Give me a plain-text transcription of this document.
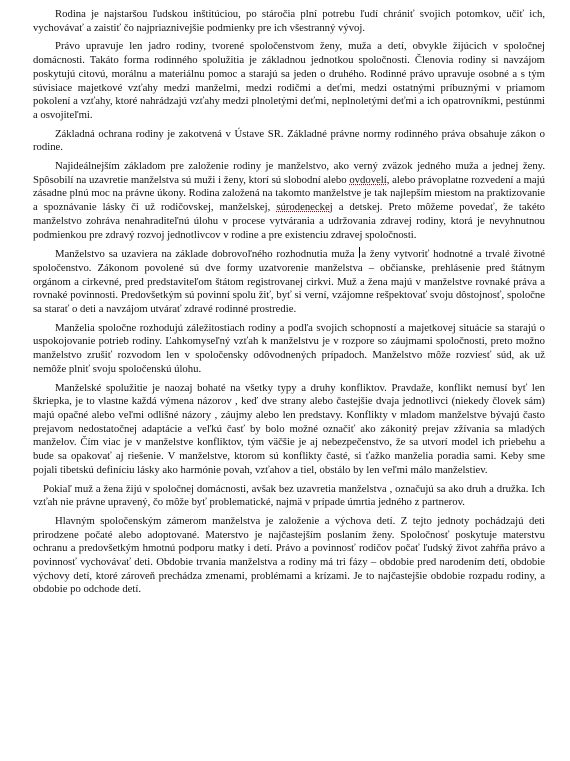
Rodina je najstaršou ľudskou inštitúciou, po stáročia plní potrebu ľudí chrániť svojich potomkov, učiť ich, vychovávať a zaistiť čo najpriaznivejšie podmienky pre ich všestranný vývoj.

Právo upravuje len jadro rodiny, tvorené spoločenstvom ženy, muža a detí, obvykle žijúcich v spoločnej domácnosti. Takáto forma rodinného spolužitia je základnou jednotkou spoločnosti. Členovia rodiny si navzájom poskytujú citovú, morálnu a materiálnu pomoc a starajú sa jeden o druhého. Rodinné právo upravuje osobné a s tým súvisiace majetkové vzťahy medzi manželmi, medzi rodičmi a deťmi, medzi ostatnými príbuznými v priamom pokolení a vzťahy, ktoré nahrádzajú vzťahy medzi plnoletými deťmi, neplnoletými deťmi a ich opatrovníkmi, pestúnmi a osvojiteľmi.

Základná ochrana rodiny je zakotvená v Ústave SR. Základné právne normy rodinného práva obsahuje zákon o rodine.

Najideálnejším základom pre založenie rodiny je manželstvo, ako verný zväzok jedného muža a jednej ženy. Spôsobilí na uzavretie manželstva sú muži i ženy, ktorí sú slobodní alebo ovdovelí, alebo právoplatne rozvedení a majú zásadne plnú moc na právne úkony. Rodina založená na takomto manželstve je tak najlepším miestom na praktizovanie a spoznávanie lásky či už rodičovskej, manželskej, súrodeneckej a detskej. Preto môžeme povedať, že takéto manželstvo zohráva nenahraditeľnú úlohu v procese vytvárania a udržovania zdravej rodiny, ktorá je nevyhnutnou podmienkou pre zdravý rozvoj jednotlivcov v rodine a pre existenciu zdravej spoločnosti.

Manželstvo sa uzaviera na základe dobrovoľného rozhodnutia muža a ženy vytvoriť hodnotné a trvalé životné spoločenstvo. Zákonom povolené sú dve formy uzatvorenie manželstva – občianske, prehlásenie pred štátnym orgánom a cirkevné, pred predstaviteľom štátom registrovanej cirkvi. Muž a žena majú v manželstve rovnaké práva a rovnaké povinnosti. Predovšetkým sú povinní spolu žiť, byť si verní, vzájomne rešpektovať svoju dôstojnosť, spoločne sa starať o deti a navzájom utvárať zdravé rodinné prostredie.

Manželia spoločne rozhodujú záležitostiach rodiny a podľa svojich schopností a majetkovej situácie sa starajú o uspokojovanie potrieb rodiny. Ľahkomyseľný vzťah k manželstvu je v rozpore so záujmami spoločnosti, preto možno manželstvo zrušiť rozvodom len v spoločensky odôvodnených prípadoch. Manželstvo môže rozviesť súd, ak už nemôže plniť svoju spoločenskú úlohu.

Manželské spolužitie je naozaj bohaté na všetky typy a druhy konfliktov. Pravdaže, konflikt nemusí byť len škriepka, je to vlastne každá výmena názorov , keď dve strany alebo častejšie dvaja jednotlivci (niekedy človek sám) majú opačné alebo veľmi odlišné názory , záujmy alebo len predstavy. Konflikty v mladom manželstve bývajú často prejavom nedostatočnej adaptácie a veľkú časť by bolo možné označiť ako zákonitý prejav zžívania sa mladých manželov. Čím viac je v manželstve konfliktov, tým väčšie je aj nebezpečenstvo, že sa utvorí model ich priebehu a bude sa opakovať aj riešenie. V manželstve, ktorom sú konflikty časté, si ťažko manželia poradia sami. Keby sme pojali tibetskú definíciu lásky ako harmónie povah, vzťahov a tiel, obstálo by len veľmi málo manželstiev.

Pokiaľ muž a žena žijú v spoločnej domácnosti, avšak bez uzavretia manželstva , označujú sa ako druh a družka. Ich vzťah nie právne upravený, čo môže byť problematické, najmä v prípade úmrtia jedného z partnerov.

Hlavným spoločenským zámerom manželstva je založenie a výchova detí. Z tejto jednoty pochádzajú deti prirodzene počaté alebo adoptované. Materstvo je najčastejším poslaním ženy. Spoločnosť poskytuje materstvu ochranu a predovšetkým hmotnú podporu matky i detí. Právo a povinnosť rodičov počať ľudský život zahŕňa právo a povinnosť vychovávať deti. Obdobie trvania manželstva a rodiny má tri fázy – obdobie pred narodením detí, obdobie výchovy detí, ktoré zároveň prechádza zmenami, problémami a krízami. Je to najčastejšie obdobie rozpadu rodiny, a obdobie po odchode detí.
